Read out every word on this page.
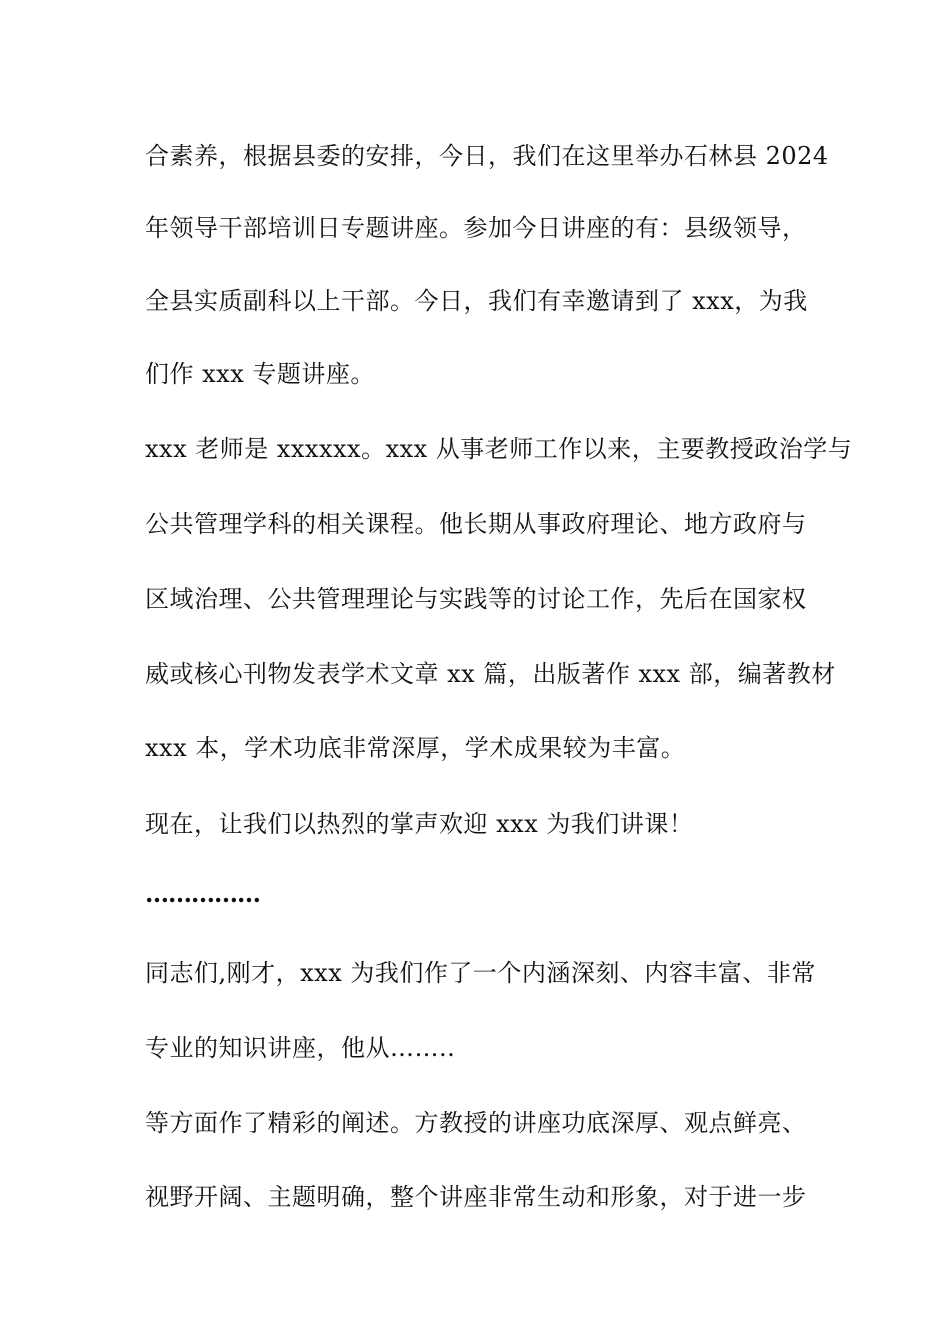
合素养，根据县委的安排，今日，我们在这里举办石林县 2024
年领导干部培训日专题讲座。参加今日讲座的有：县级领导，
全县实质副科以上干部。今日，我们有幸邀请到了 xxx，为我
们作 xxx 专题讲座。
xxx 老师是 xxxxxx。xxx 从事老师工作以来，主要教授政治学与
公共管理学科的相关课程。他长期从事政府理论、地方政府与
区域治理、公共管理理论与实践等的讨论工作，先后在国家权
威或核心刊物发表学术文章 xx 篇，出版著作 xxx 部，编著教材
xxx 本，学术功底非常深厚，学术成果较为丰富。
现在，让我们以热烈的掌声欢迎 xxx 为我们讲课！
……………
同志们,刚才，xxx 为我们作了一个内涵深刻、内容丰富、非常
专业的知识讲座，他从……..
等方面作了精彩的阐述。方教授的讲座功底深厚、观点鲜亮、
视野开阔、主题明确，整个讲座非常生动和形象，对于进一步
